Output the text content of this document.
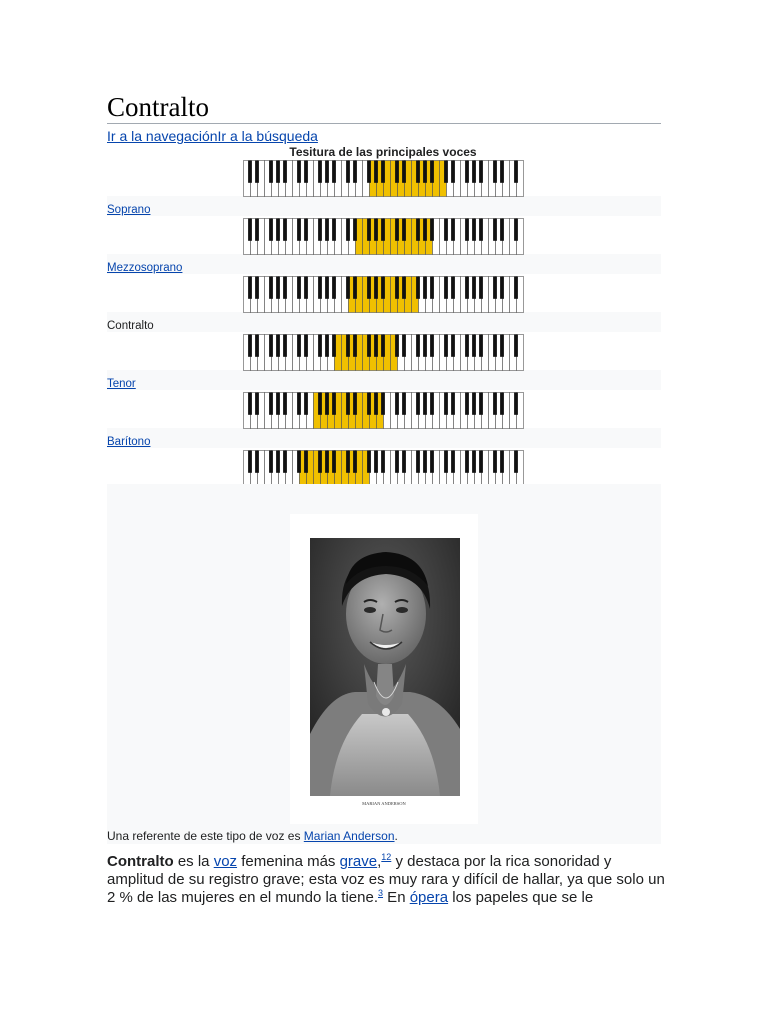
Contralto
Ir a la navegaciónIr a la búsqueda
Tesitura de las principales voces
Soprano
Mezzosoprano
Contralto
Tenor
Barítono
MARIAN ANDERSON
Una referente de este tipo de voz es Marian Anderson.

Contralto es la voz femenina más grave,$^{12}$ y destaca por la rica sonoridad y amplitud de su registro grave; esta voz es muy rara y difícil de hallar, ya que solo un 2 % de las mujeres en el mundo la tiene.$^3$ En ópera los papeles que se le
